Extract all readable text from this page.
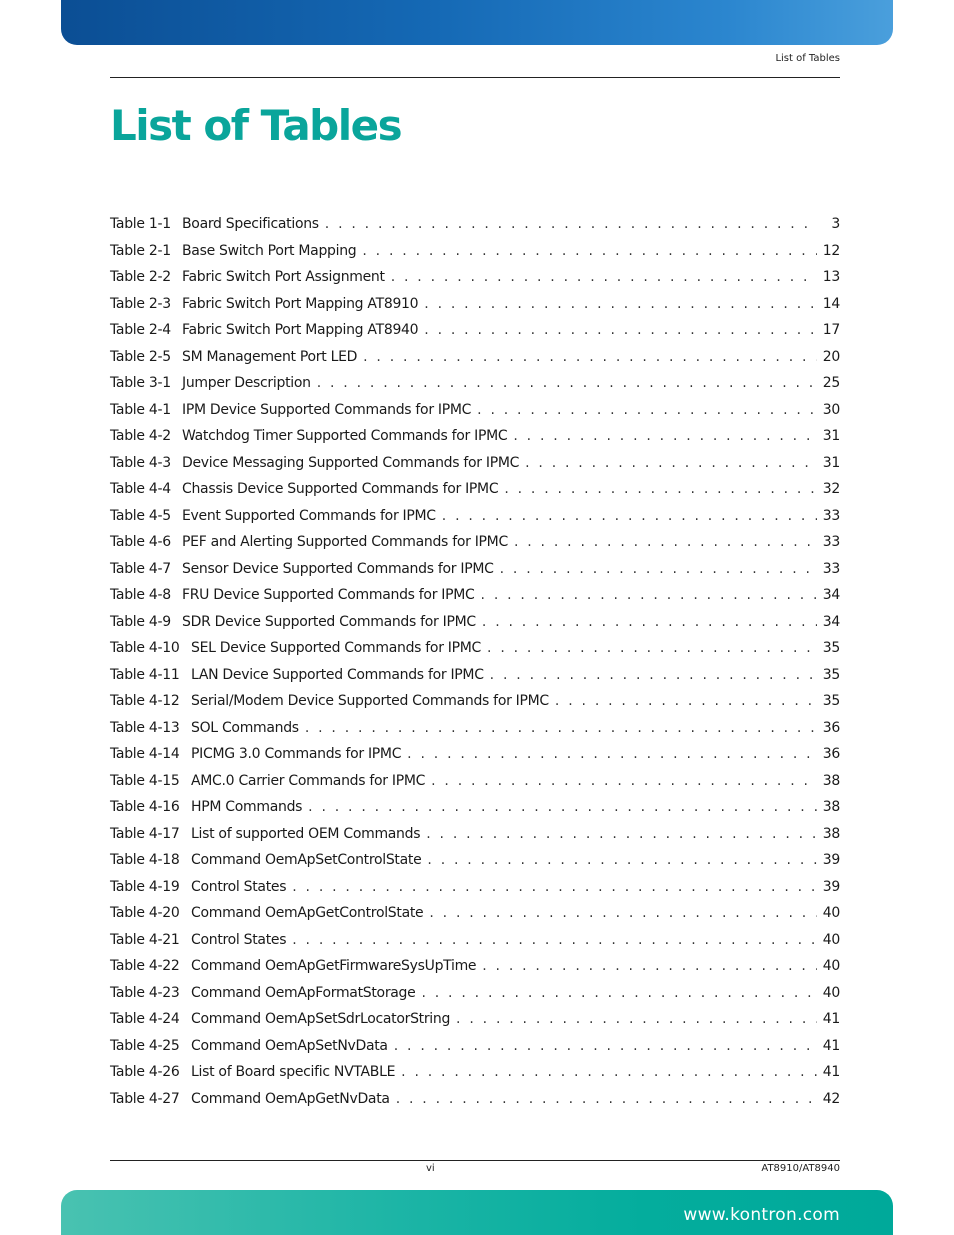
List of Tables
List of Tables
Table 1-1 Board Specifications . . .	3
Table 2-1 Base Switch Port Mapping . . .	12
Table 2-2 Fabric Switch Port Assignment . . .	13
Table 2-3 Fabric Switch Port Mapping AT8910 . . .	14
Table 2-4 Fabric Switch Port Mapping AT8940 . . .	17
Table 2-5 SM Management Port LED . . .	20
Table 3-1 Jumper Description . . .	25
Table 4-1 IPM Device Supported Commands for IPMC . . .	30
Table 4-2 Watchdog Timer Supported Commands for IPMC . . .	31
Table 4-3 Device Messaging Supported Commands for IPMC . . .	31
Table 4-4 Chassis Device Supported Commands for IPMC . . .	32
Table 4-5 Event Supported Commands for IPMC . . .	33
Table 4-6 PEF and Alerting Supported Commands for IPMC . . .	33
Table 4-7 Sensor Device Supported Commands for IPMC . . .	33
Table 4-8 FRU Device Supported Commands for IPMC . . .	34
Table 4-9 SDR Device Supported Commands for IPMC . . .	34
Table 4-10 SEL Device Supported Commands for IPMC . . .	35
Table 4-11 LAN Device Supported Commands for IPMC . . .	35
Table 4-12 Serial/Modem Device Supported Commands for IPMC . . .	35
Table 4-13 SOL Commands . . .	36
Table 4-14 PICMG 3.0 Commands for IPMC . . .	36
Table 4-15 AMC.0 Carrier Commands for IPMC . . .	38
Table 4-16 HPM Commands . . .	38
Table 4-17 List of supported OEM Commands . . .	38
Table 4-18 Command OemApSetControlState . . .	39
Table 4-19 Control States . . .	39
Table 4-20 Command OemApGetControlState . . .	40
Table 4-21 Control States . . .	40
Table 4-22 Command OemApGetFirmwareSysUpTime . . .	40
Table 4-23 Command OemApFormatStorage . . .	40
Table 4-24 Command OemApSetSdrLocatorString . . .	41
Table 4-25 Command OemApSetNvData . . .	41
Table 4-26 List of Board specific NVTABLE . . .	41
Table 4-27 Command OemApGetNvData . . .	42
vi	AT8910/AT8940
www.kontron.com
